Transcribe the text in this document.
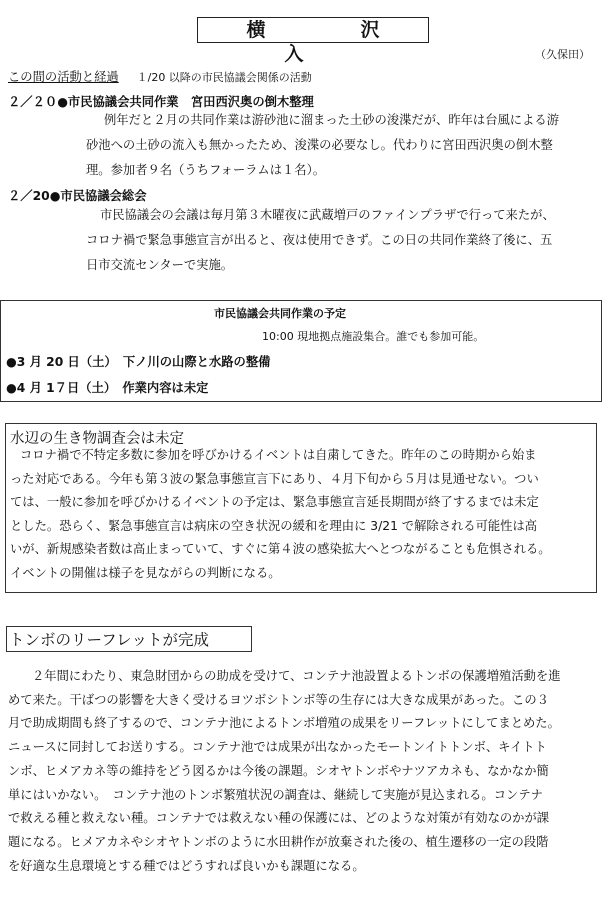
横　沢　入	（久保田）
この間の活動と経過 １/20 以降の市民協議会関係の活動
２／２０●市民協議会共同作業　宮田西沢奥の倒木整理
例年だと２月の共同作業は游砂池に溜まった土砂の浚渫だが、昨年は台風による游
砂池への土砂の流入も無かったため、浚渫の必要なし。代わりに宮田西沢奥の倒木整
理。参加者９名（うちフォーラムは１名）。
２／20●市民協議会総会
市民協議会の会議は毎月第３木曜夜に武蔵増戸のファインプラザで行って来たが、
コロナ禍で緊急事態宣言が出ると、夜は使用できず。この日の共同作業終了後に、五
日市交流センターで実施。
市民協議会共同作業の予定
10:00 現地拠点施設集合。誰でも参加可能。
●3 月 20 日（土）　下ノ川の山際と水路の整備
●4 月 1７日（土）　作業内容は未定
水辺の生き物調査会は未定
コロナ禍で不特定多数に参加を呼びかけるイベントは自粛してきた。昨年のこの時期から始ま
った対応である。今年も第３波の緊急事態宣言下にあり、４月下旬から５月は見通せない。つい
ては、一般に参加を呼びかけるイベントの予定は、緊急事態宣言延長期間が終了するまでは未定
とした。恐らく、緊急事態宣言は病床の空き状況の緩和を理由に 3/21 で解除される可能性は高
いが、新規感染者数は高止まっていて、すぐに第４波の感染拡大へとつながることも危惧される。
イベントの開催は様子を見ながらの判断になる。
トンボのリーフレットが完成
２年間にわたり、東急財団からの助成を受けて、コンテナ池設置よるトンボの保護増殖活動を進
めて来た。干ばつの影響を大きく受けるヨツボシトンボ等の生存には大きな成果があった。この３
月で助成期間も終了するので、コンテナ池によるトンボ増殖の成果をリーフレットにしてまとめた。
ニュースに同封してお送りする。コンテナ池では成果が出なかったモートンイトトンボ、キイトト
ンボ、ヒメアカネ等の維持をどう図るかは今後の課題。シオヤトンボやナツアカネも、なかなか簡
単にはいかない。　コンテナ池のトンボ繁殖状況の調査は、継続して実施が見込まれる。コンテナ
で救える種と救えない種。コンテナでは救えない種の保護には、どのような対策が有効なのかが課
題になる。ヒメアカネやシオヤトンボのように水田耕作が放棄された後の、植生遷移の一定の段階
を好適な生息環境とする種ではどうすれば良いかも課題になる。
